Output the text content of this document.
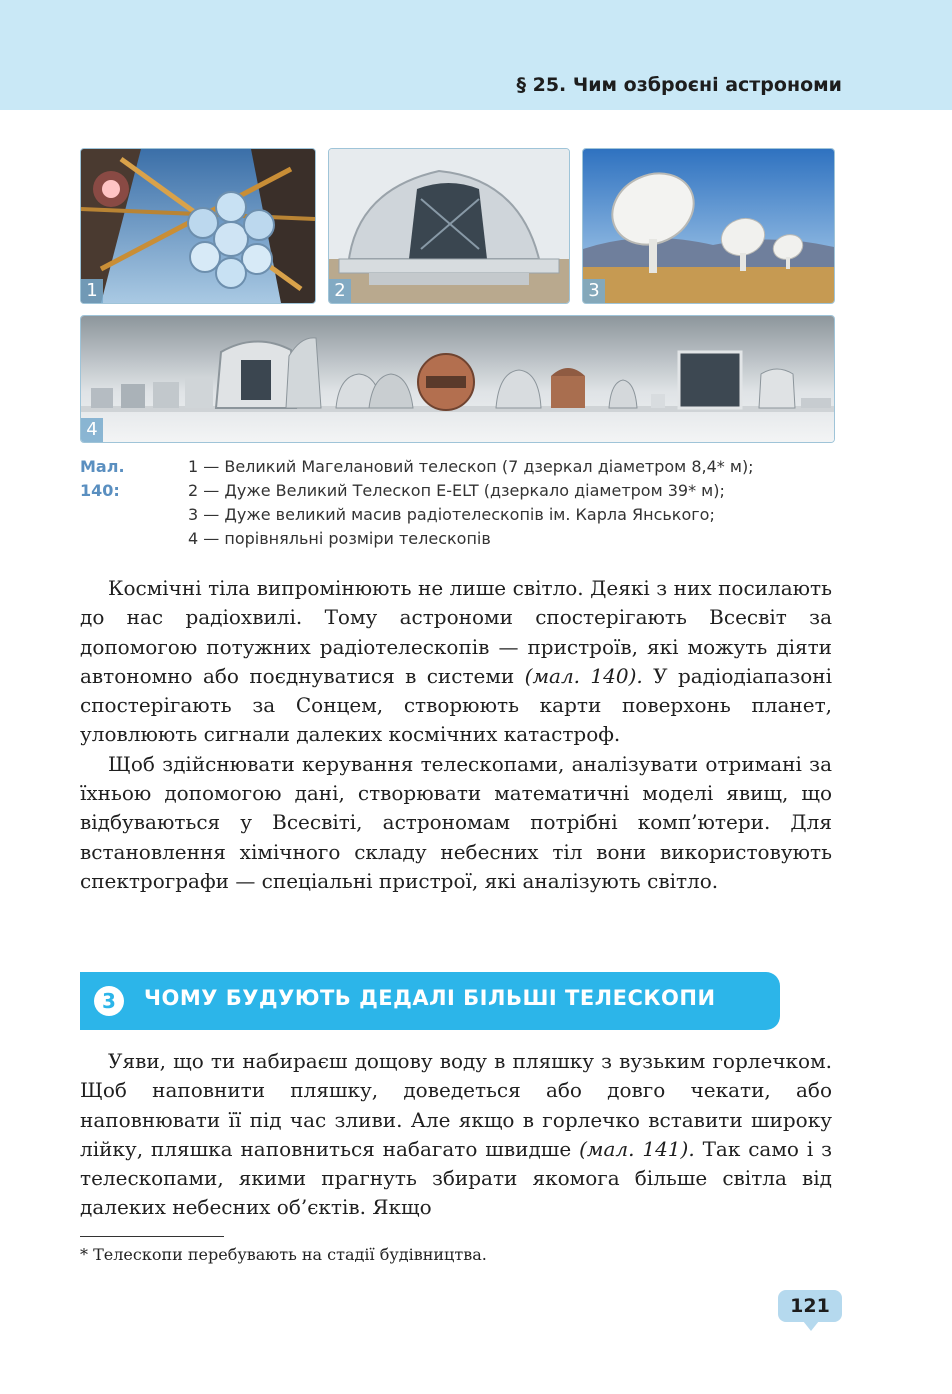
§ 25. Чим озброєні астрономи
1	2	3
4
Мал. 140:
1 — Великий Магелановий телескоп (7 дзеркал діаметром 8,4* м);
2 — Дуже Великий Телескоп E-ELT (дзеркало діаметром 39* м);
3 — Дуже великий масив радіотелескопів ім. Карла Янського;
4 — порівняльні розміри телескопів

Космічні тіла випромінюють не лише світло. Деякі з них посилають до нас радіохвилі. Тому астрономи спостерігають Всесвіт за допомогою потужних радіотелескопів — пристроїв, які можуть діяти автономно або поєднуватися в системи (мал. 140). У радіодіапазоні спостерігають за Сонцем, створюють карти поверхонь планет, уловлюють сигнали далеких космічних катастроф.

Щоб здійснювати керування телескопами, аналізувати отримані за їхньою допомогою дані, створювати математичні моделі явищ, що відбуваються у Всесвіті, астрономам потрібні комп’ютери. Для встановлення хімічного складу небесних тіл вони використовують спектрографи — спеціальні пристрої, які аналізують світло.

3	ЧОМУ БУДУЮТЬ ДЕДАЛІ БІЛЬШІ ТЕЛЕСКОПИ

Уяви, що ти набираєш дощову воду в пляшку з вузьким горлечком. Щоб наповнити пляшку, доведеться або довго чекати, або наповнювати її під час зливи. Але якщо в горлечко вставити широку лійку, пляшка наповниться набагато швидше (мал. 141). Так само і з телескопами, якими прагнуть збирати якомога більше світла від далеких небесних об’єктів. Якщо

* Телескопи перебувають на стадії будівництва.
121
